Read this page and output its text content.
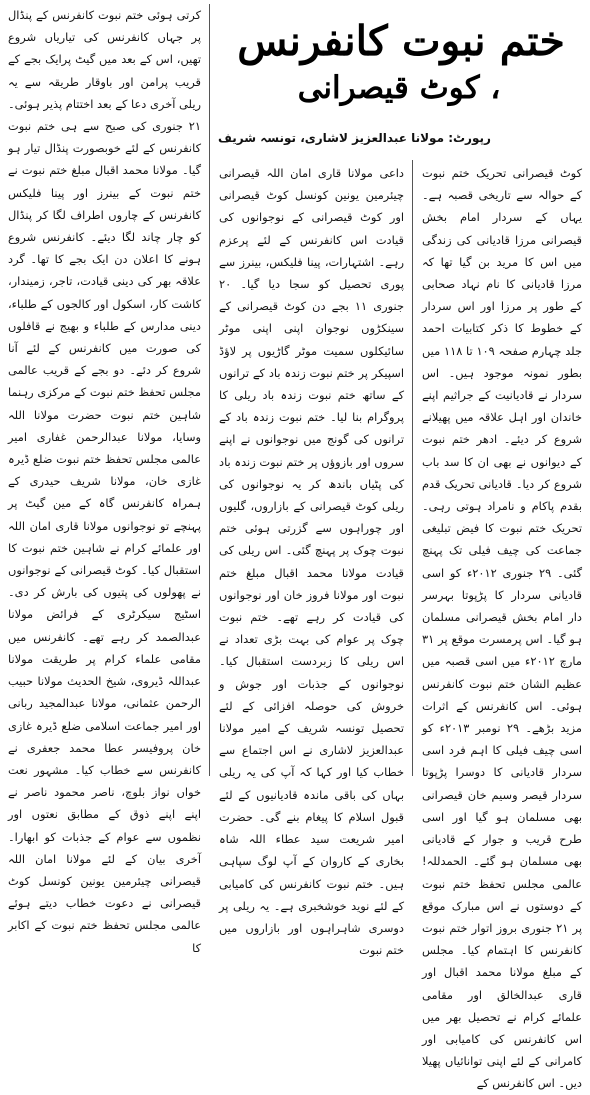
ختم نبوت کانفرنس
، کوٹ قیصرانی
رپورٹ: مولانا عبدالعزیز لاشاری، تونسہ شریف

کوٹ قیصرانی تحریک ختم نبوت کے حوالہ سے تاریخی قصبہ ہے۔ یہاں کے سردار امام بخش قیصرانی مرزا قادیانی کی زندگی میں اس کا مرید بن گیا تھا کہ مرزا قادیانی کا نام نہاد صحابی کے طور پر مرزا اور اس سردار کے خطوط کا ذکر کتابیات احمد جلد چہارم صفحہ ۱۰۹ تا ۱۱۸ میں بطور نمونہ موجود ہیں۔ اس سردار نے قادیانیت کے جراثیم اپنے خاندان اور اہل علاقہ میں پھیلانے شروع کر دیئے۔ ادھر ختم نبوت کے دیوانوں نے بھی ان کا سد باب شروع کر دیا۔ قادیانی تحریک قدم بقدم پاکام و نامراد ہوتی رہی۔ تحریک ختم نبوت کا فیض تبلیغی جماعت کی چیف فیلی تک پہنچ گئی۔ ۲۹ جنوری ۲۰۱۲ء کو اسی قادیانی سردار کا پڑپوتا بہرسر دار امام بخش قیصرانی مسلمان ہو گیا۔ اس پرمسرت موقع پر ۳۱ مارچ ۲۰۱۲ء میں اسی قصبہ میں عظیم الشان ختم نبوت کانفرنس ہوئی۔ اس کانفرنس کے اثرات مزید بڑھے۔ ۲۹ نومبر ۲۰۱۳ء کو اسی چیف فیلی کا اہم فرد اسی سردار قادیانی کا دوسرا پڑپوتا سردار قیصر وسیم خان قیصرانی بھی مسلمان ہو گیا اور اسی طرح قریب و جوار کے قادیانی بھی مسلمان ہو گئے۔ الحمدللہ! عالمی مجلس تحفظ ختم نبوت کے دوستوں نے اس مبارک موقع پر ۲۱ جنوری بروز اتوار ختم نبوت کانفرنس کا اہتمام کیا۔ مجلس کے مبلغ مولانا محمد اقبال اور قاری عبدالخالق اور مقامی علمائے کرام نے تحصیل بھر میں اس کانفرنس کی کامیابی اور کامرانی کے لئے اپنی توانائیاں پھیلا دیں۔ اس کانفرنس کے

داعی مولانا قاری امان اللہ قیصرانی چیئرمین یونین کونسل کوٹ قیصرانی اور کوٹ قیصرانی کے نوجوانوں کی قیادت اس کانفرنس کے لئے پرعزم رہے۔ اشتہارات، پینا فلیکس، بینرز سے پوری تحصیل کو سجا دیا گیا۔ ۲۰ جنوری ۱۱ بجے دن کوٹ قیصرانی کے سینکڑوں نوجوان اپنی اپنی موٹر سائیکلوں سمیت موٹر گاڑیوں پر لاؤڈ اسپیکر پر ختم نبوت زندہ باد کے ترانوں کے ساتھ ختم نبوت زندہ باد ریلی کا پروگرام بنا لیا۔ ختم نبوت زندہ باد کے ترانوں کی گونج میں نوجوانوں نے اپنے سروں اور بازوؤں پر ختم نبوت زندہ باد کی پٹیاں باندھ کر یہ نوجوانوں کی ریلی کوٹ قیصرانی کے بازاروں، گلیوں اور چوراہوں سے گزرتی ہوئی ختم نبوت چوک پر پہنچ گئی۔ اس ریلی کی قیادت مولانا محمد اقبال مبلغ ختم نبوت اور مولانا فروز خان اور نوجوانوں کی قیادت کر رہے تھے۔ ختم نبوت چوک پر عوام کی بہت بڑی تعداد نے اس ریلی کا زبردست استقبال کیا۔ نوجوانوں کے جذبات اور جوش و خروش کی حوصلہ افزائی کے لئے تحصیل تونسہ شریف کے امیر مولانا عبدالعزیز لاشاری نے اس اجتماع سے خطاب کیا اور کہا کہ آپ کی یہ ریلی بہاں کی باقی ماندہ قادیانیوں کے لئے قبول اسلام کا پیغام بنے گی۔ حضرت امیر شریعت سید عطاء اللہ شاہ بخاری کے کاروان کے آپ لوگ سپاہی ہیں۔ ختم نبوت کانفرنس کی کامیابی کے لئے نوید خوشخبری ہے۔ یہ ریلی پر دوسری شاہراہوں اور بازاروں میں ختم نبوت

کرتی ہوئی ختم نبوت کانفرنس کے پنڈال پر جہاں کانفرنس کی تیاریاں شروع تھیں، اس کے بعد میں گیٹ پرایک بجے کے قریب پرامن اور باوقار طریقہ سے یہ ریلی آخری دعا کے بعد اختتام پذیر ہوئی۔ ۲۱ جنوری کی صبح سے ہی ختم نبوت کانفرنس کے لئے خوبصورت پنڈال تیار ہو گیا۔ مولانا محمد اقبال مبلغ ختم نبوت نے ختم نبوت کے بینرز اور پینا فلیکس کانفرنس کے چاروں اطراف لگا کر پنڈال کو چار چاند لگا دیئے۔ کانفرنس شروع ہونے کا اعلان دن ایک بجے کا تھا۔ گرد علاقہ بھر کی دینی قیادت، تاجر، زمیندار، کاشت کار، اسکول اور کالجوں کے طلباء، دینی مدارس کے طلباء و بھیج نے قافلوں کی صورت میں کانفرنس کے لئے آنا شروع کر دئے۔ دو بجے کے قریب عالمی مجلس تحفظ ختم نبوت کے مرکزی رہنما شاہین ختم نبوت حضرت مولانا اللہ وسایا، مولانا عبدالرحمن غفاری امیر عالمی مجلس تحفظ ختم نبوت ضلع ڈیرہ غازی خان، مولانا شریف حیدری کے ہمراہ کانفرنس گاہ کے مین گیٹ پر پہنچے تو نوجوانوں مولانا قاری امان اللہ اور علمائے کرام نے شاہین ختم نبوت کا استقبال کیا۔ کوٹ قیصرانی کے نوجوانوں نے پھولوں کی پتیوں کی بارش کر دی۔ اسٹیج سیکرٹری کے فرائض مولانا عبدالصمد کر رہے تھے۔ کانفرنس میں مقامی علماء کرام پر طریقت مولانا عبداللہ ڈیروی، شیخ الحدیث مولانا حبیب الرحمن عثمانی، مولانا عبدالمجید ربانی اور امیر جماعت اسلامی ضلع ڈیرہ غازی خان پروفیسر عطا محمد جعفری نے کانفرنس سے خطاب کیا۔ مشہور نعت خواں نواز بلوچ، ناصر محمود ناصر نے اپنے اپنے ذوق کے مطابق نعتوں اور نظموں سے عوام کے جذبات کو ابھارا۔ آخری بیان کے لئے مولانا امان اللہ قیصرانی چیئرمین یونین کونسل کوٹ قیصرانی نے دعوت خطاب دیتے ہوئے عالمی مجلس تحفظ ختم نبوت کے اکابر کا
